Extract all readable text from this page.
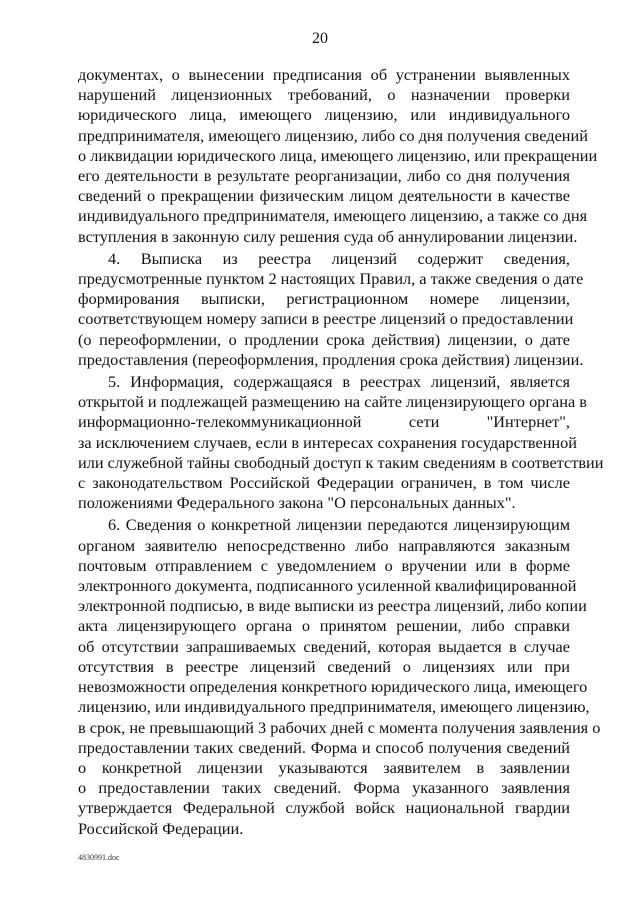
20
документах, о вынесении предписания об устранении выявленных
нарушений лицензионных требований, о назначении проверки
юридического лица, имеющего лицензию, или индивидуального
предпринимателя, имеющего лицензию, либо со дня получения сведений
о ликвидации юридического лица, имеющего лицензию, или прекращении
его деятельности в результате реорганизации, либо со дня получения
сведений о прекращении физическим лицом деятельности в качестве
индивидуального предпринимателя, имеющего лицензию, а также со дня
вступления в законную силу решения суда об аннулировании лицензии.
4. Выписка из реестра лицензий содержит сведения,
предусмотренные пунктом 2 настоящих Правил, а также сведения о дате
формирования выписки, регистрационном номере лицензии,
соответствующем номеру записи в реестре лицензий о предоставлении
(о переоформлении, о продлении срока действия) лицензии, о дате
предоставления (переоформления, продления срока действия) лицензии.
5. Информация, содержащаяся в реестрах лицензий, является
открытой и подлежащей размещению на сайте лицензирующего органа в
информационно-телекоммуникационной сети "Интернет",
за исключением случаев, если в интересах сохранения государственной
или служебной тайны свободный доступ к таким сведениям в соответствии
с законодательством Российской Федерации ограничен, в том числе
положениями Федерального закона "О персональных данных".
6. Сведения о конкретной лицензии передаются лицензирующим
органом заявителю непосредственно либо направляются заказным
почтовым отправлением с уведомлением о вручении или в форме
электронного документа, подписанного усиленной квалифицированной
электронной подписью, в виде выписки из реестра лицензий, либо копии
акта лицензирующего органа о принятом решении, либо справки
об отсутствии запрашиваемых сведений, которая выдается в случае
отсутствия в реестре лицензий сведений о лицензиях или при
невозможности определения конкретного юридического лица, имеющего
лицензию, или индивидуального предпринимателя, имеющего лицензию,
в срок, не превышающий 3 рабочих дней с момента получения заявления о
предоставлении таких сведений. Форма и способ получения сведений
о конкретной лицензии указываются заявителем в заявлении
о предоставлении таких сведений. Форма указанного заявления
утверждается Федеральной службой войск национальной гвардии
Российской Федерации.
4830991.doc
